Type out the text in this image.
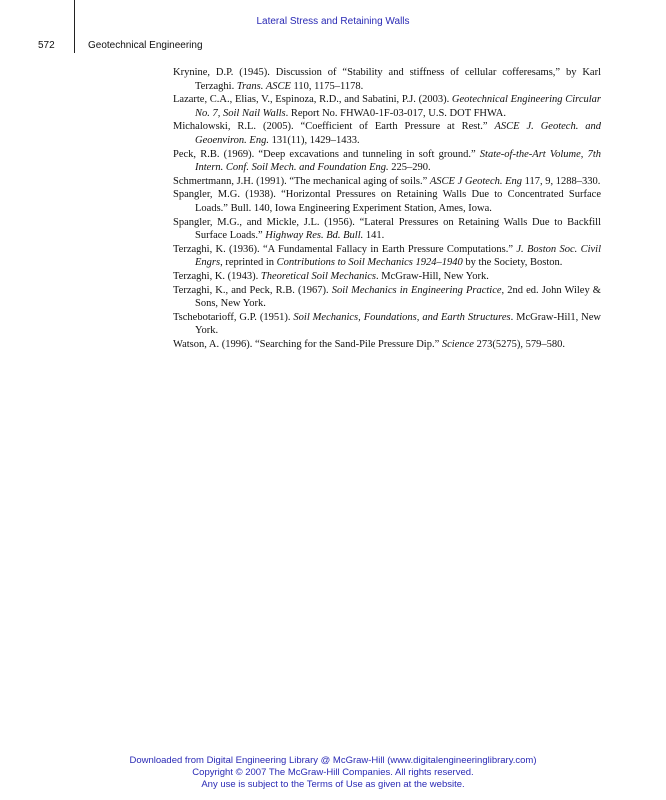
Lateral Stress and Retaining Walls
572	Geotechnical Engineering

Krynine, D.P. (1945). Discussion of “Stability and stiffness of cellular cofferesams,” by Karl Terzaghi. Trans. ASCE 110, 1175–1178.

Lazarte, C.A., Elias, V., Espinoza, R.D., and Sabatini, P.J. (2003). Geotechnical Engineering Circular No. 7, Soil Nail Walls. Report No. FHWA0-1F-03-017, U.S. DOT FHWA.

Michalowski, R.L. (2005). “Coefficient of Earth Pressure at Rest.” ASCE J. Geotech. and Geoenviron. Eng. 131(11), 1429–1433.

Peck, R.B. (1969). “Deep excavations and tunneling in soft ground.” State-of-the-Art Volume, 7th Intern. Conf. Soil Mech. and Foundation Eng. 225–290.

Schmertmann, J.H. (1991). “The mechanical aging of soils.” ASCE J Geotech. Eng 117, 9, 1288–330.

Spangler, M.G. (1938). “Horizontal Pressures on Retaining Walls Due to Concentrated Surface Loads.” Bull. 140, Iowa Engineering Experiment Station, Ames, Iowa.

Spangler, M.G., and Mickle, J.L. (1956). “Lateral Pressures on Retaining Walls Due to Backfill Surface Loads.” Highway Res. Bd. Bull. 141.

Terzaghi, K. (1936). “A Fundamental Fallacy in Earth Pressure Computations.” J. Boston Soc. Civil Engrs, reprinted in Contributions to Soil Mechanics 1924–1940 by the Society, Boston.

Terzaghi, K. (1943). Theoretical Soil Mechanics. McGraw-Hill, New York.

Terzaghi, K., and Peck, R.B. (1967). Soil Mechanics in Engineering Practice, 2nd ed. John Wiley & Sons, New York.

Tschebotarioff, G.P. (1951). Soil Mechanics, Foundations, and Earth Structures. McGraw-Hil1, New York.

Watson, A. (1996). “Searching for the Sand-Pile Pressure Dip.” Science 273(5275), 579–580.

Downloaded from Digital Engineering Library @ McGraw-Hill (www.digitalengineeringlibrary.com)
Copyright © 2007 The McGraw-Hill Companies. All rights reserved.
Any use is subject to the Terms of Use as given at the website.
